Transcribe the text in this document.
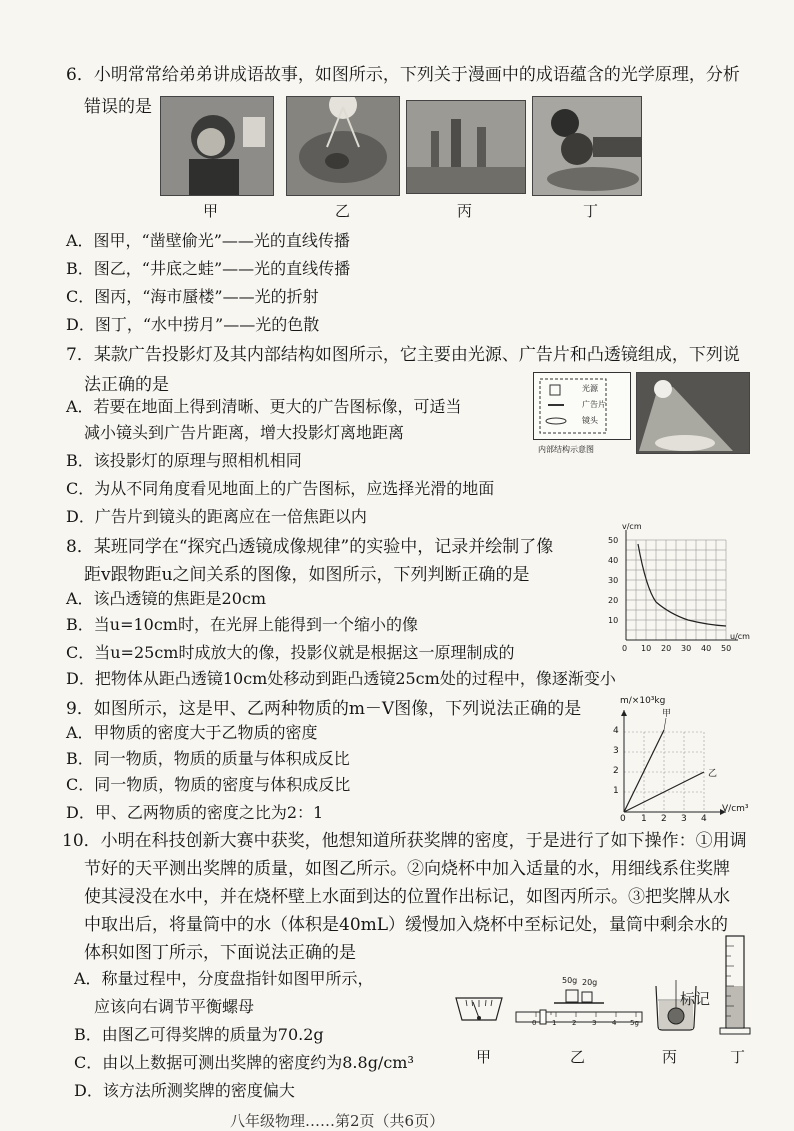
6．小明常常给弟弟讲成语故事，如图所示，下列关于漫画中的成语蕴含的光学原理，分析
错误的是
甲	乙	丙	丁
A．图甲，“凿壁偷光”——光的直线传播
B．图乙，“井底之蛙”——光的直线传播
C．图丙，“海市蜃楼”——光的折射
D．图丁，“水中捞月”——光的色散
7．某款广告投影灯及其内部结构如图所示，它主要由光源、广告片和凸透镜组成，下列说
法正确的是
A．若要在地面上得到清晰、更大的广告图标像，可适当
减小镜头到广告片距离，增大投影灯离地距离
B．该投影灯的原理与照相机相同
C．为从不同角度看见地面上的广告图标，应选择光滑的地面
D．广告片到镜头的距离应在一倍焦距以内
光源
广告片
镜头
内部结构示意图
8．某班同学在“探究凸透镜成像规律”的实验中，记录并绘制了像
距v跟物距u之间关系的图像，如图所示，下列判断正确的是
A．该凸透镜的焦距是20cm
B．当u=10cm时，在光屏上能得到一个缩小的像
C．当u=25cm时成放大的像，投影仪就是根据这一原理制成的
D．把物体从距凸透镜10cm处移动到距凸透镜25cm处的过程中，像逐渐变小
v/cm
50
40
30
20
10
0 10 20 30 40 50
u/cm
9．如图所示，这是甲、乙两种物质的m－V图像，下列说法正确的是
A．甲物质的密度大于乙物质的密度
B．同一物质，物质的质量与体积成反比
C．同一物质，物质的密度与体积成反比
D．甲、乙两物质的密度之比为2：1
m/×10³kg
甲
乙
4
3
2
1
0 1 2 3 4
V/cm³
10．小明在科技创新大赛中获奖，他想知道所获奖牌的密度，于是进行了如下操作：①用调
节好的天平测出奖牌的质量，如图乙所示。②向烧杯中加入适量的水，用细线系住奖牌
使其浸没在水中，并在烧杯壁上水面到达的位置作出标记，如图丙所示。③把奖牌从水
中取出后，将量筒中的水（体积是40mL）缓慢加入烧杯中至标记处，量筒中剩余水的
体积如图丁所示，下面说法正确的是
A．称量过程中，分度盘指针如图甲所示，
应该向右调节平衡螺母
B．由图乙可得奖牌的质量为70.2g
C．由以上数据可测出奖牌的密度约为8.8g/cm³
D．该方法所测奖牌的密度偏大
甲
50g 20g
0 1 2 3 4 5g
乙
标记
丙	丁
八年级物理……第2页（共6页）
